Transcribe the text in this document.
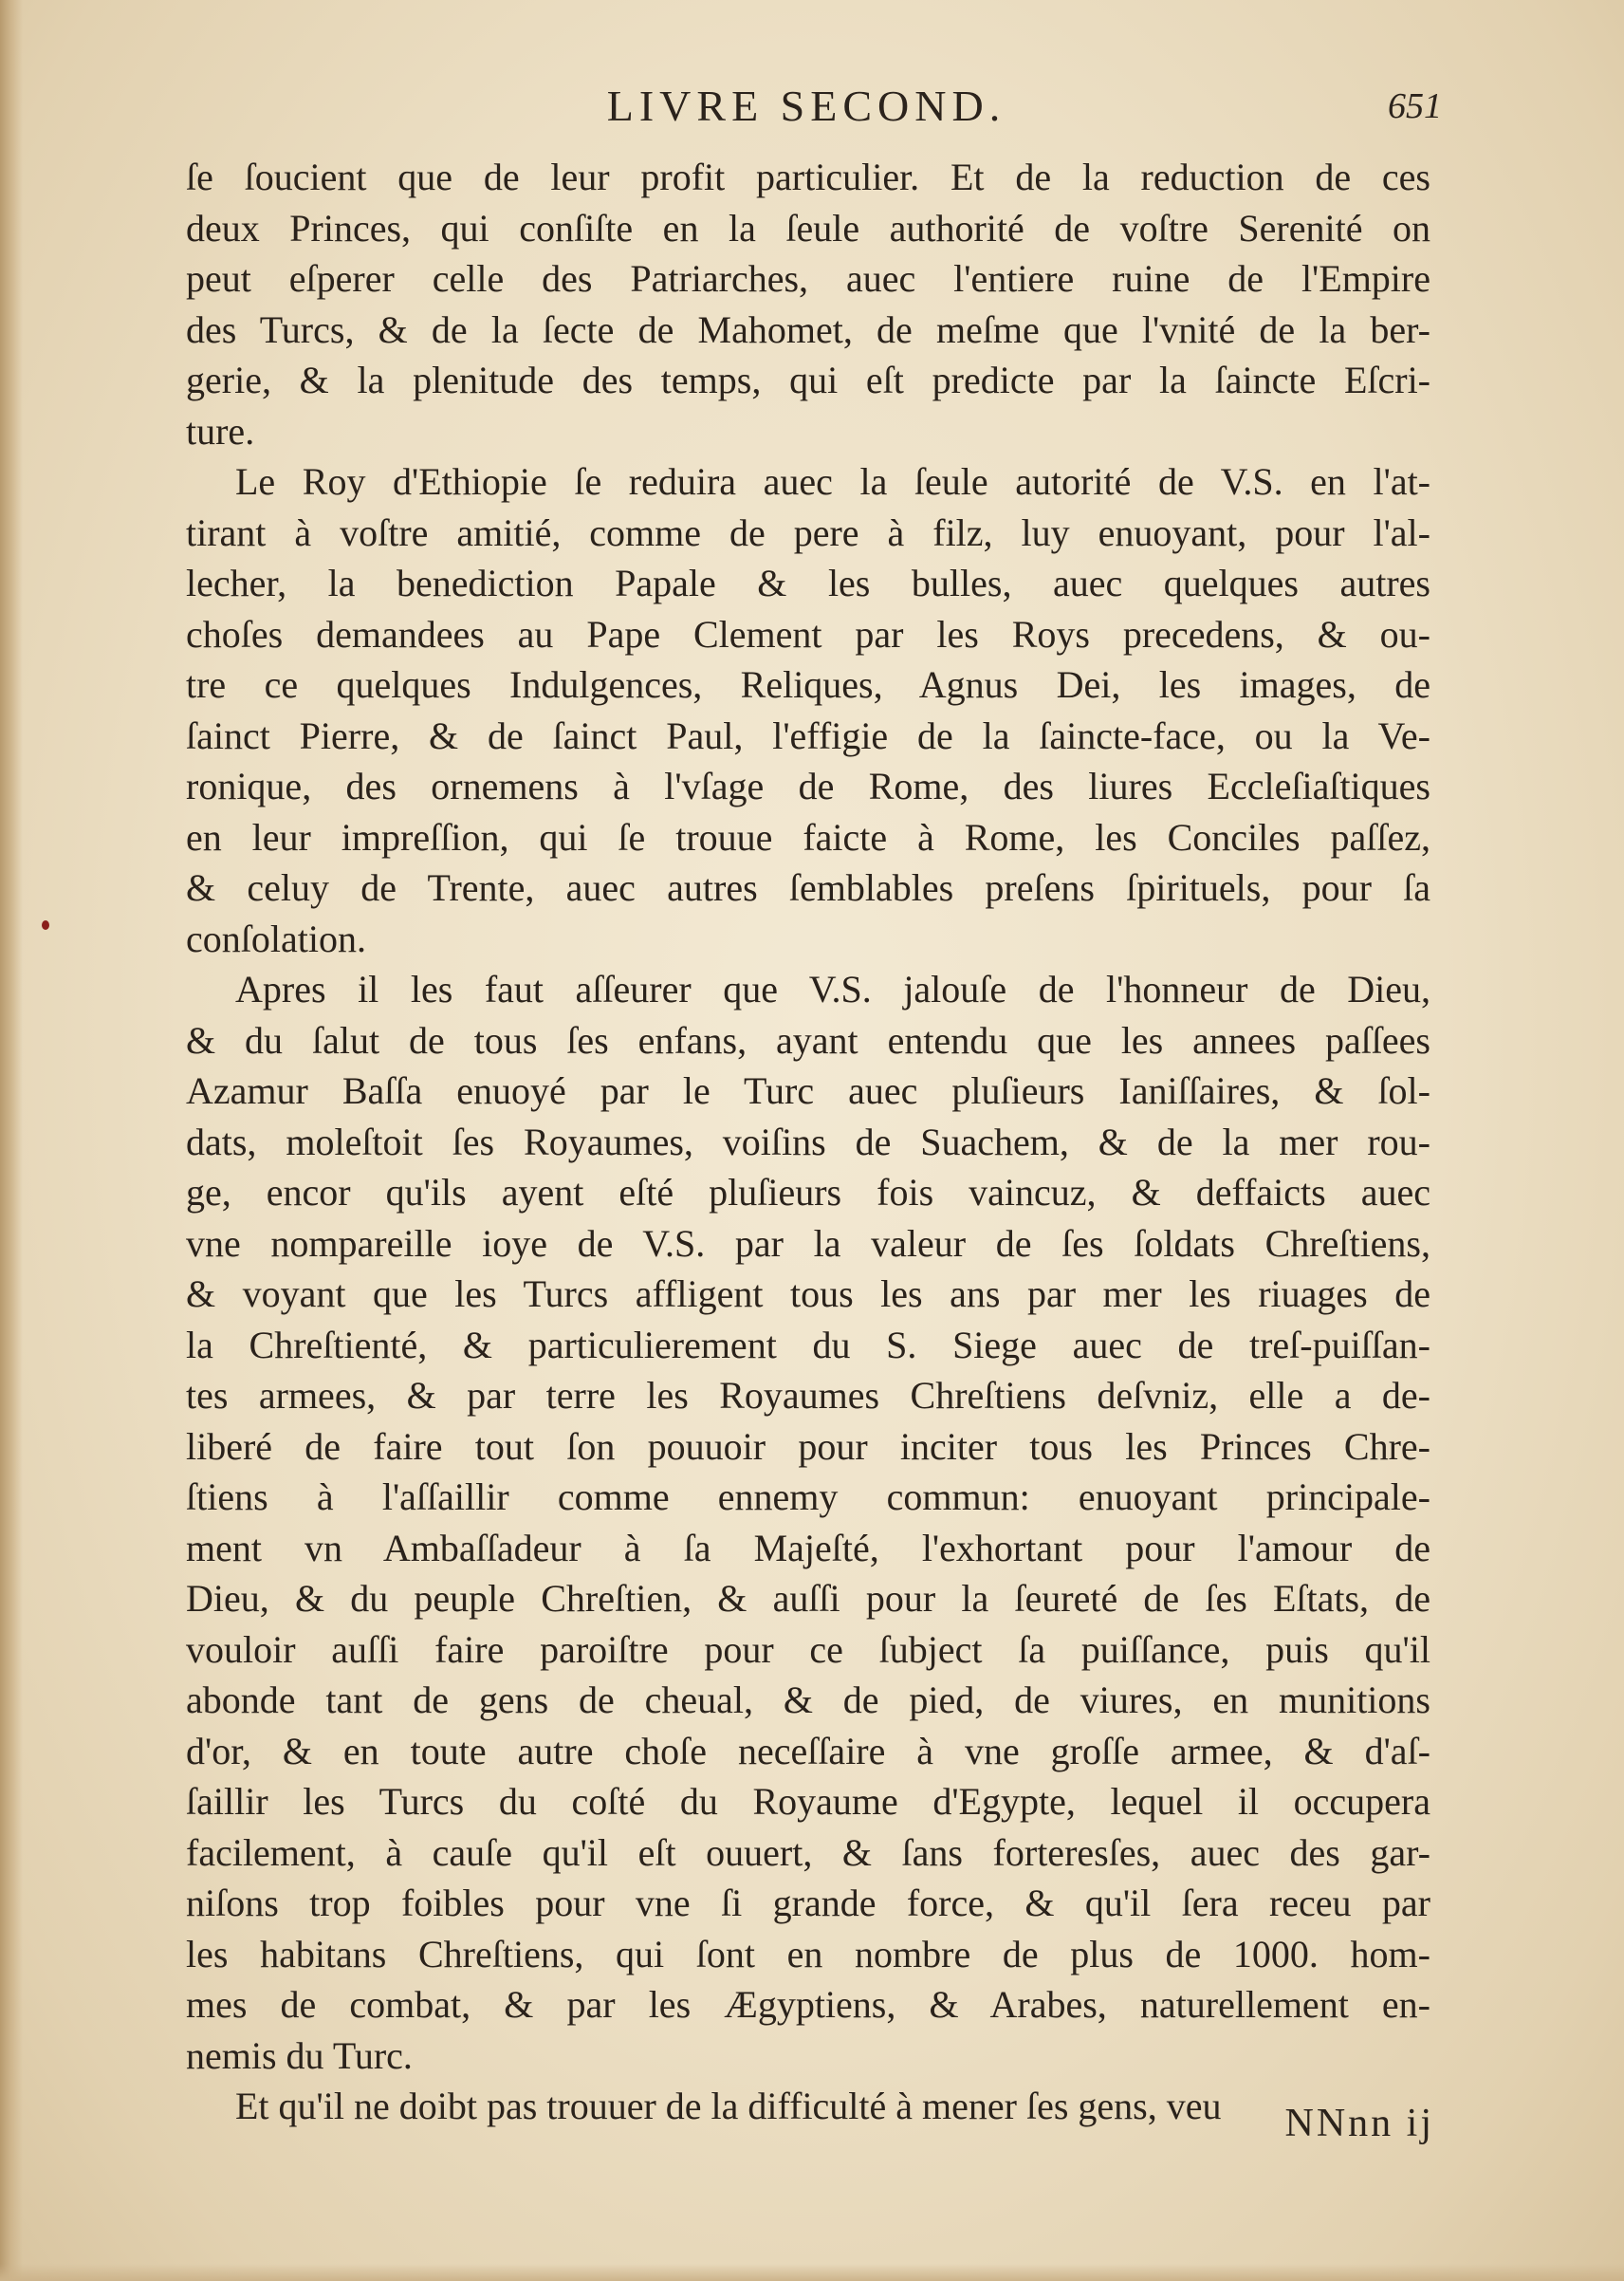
LIVRE SECOND.	651
ſe ſoucient que de leur profit particulier. Et de la reduction de ces
deux Princes, qui conſiſte en la ſeule authorité de voſtre Serenité on
peut eſperer celle des Patriarches, auec l'entiere ruine de l'Empire
des Turcs, & de la ſecte de Mahomet, de meſme que l'vnité de la ber-
gerie, & la plenitude des temps, qui eſt predicte par la ſaincte Eſcri-
ture.
Le Roy d'Ethiopie ſe reduira auec la ſeule autorité de V.S. en l'at-
tirant à voſtre amitié, comme de pere à filz, luy enuoyant, pour l'al-
lecher, la benediction Papale & les bulles, auec quelques autres
choſes demandees au Pape Clement par les Roys precedens, & ou-
tre ce quelques Indulgences, Reliques, Agnus Dei, les images, de
ſainct Pierre, & de ſainct Paul, l'effigie de la ſaincte-face, ou la Ve-
ronique, des ornemens à l'vſage de Rome, des liures Eccleſiaſtiques
en leur impreſſion, qui ſe trouue faicte à Rome, les Conciles paſſez,
& celuy de Trente, auec autres ſemblables preſens ſpirituels, pour ſa
conſolation.
Apres il les faut aſſeurer que V.S. jalouſe de l'honneur de Dieu,
& du ſalut de tous ſes enfans, ayant entendu que les annees paſſees
Azamur Baſſa enuoyé par le Turc auec pluſieurs Ianiſſaires, & ſol-
dats, moleſtoit ſes Royaumes, voiſins de Suachem, & de la mer rou-
ge, encor qu'ils ayent eſté pluſieurs fois vaincuz, & deffaicts auec
vne nompareille ioye de V.S. par la valeur de ſes ſoldats Chreſtiens,
& voyant que les Turcs affligent tous les ans par mer les riuages de
la Chreſtienté, & particulierement du S. Siege auec de treſ-puiſſan-
tes armees, & par terre les Royaumes Chreſtiens deſvniz, elle a de-
liberé de faire tout ſon pouuoir pour inciter tous les Princes Chre-
ſtiens à l'aſſaillir comme ennemy commun: enuoyant principale-
ment vn Ambaſſadeur à ſa Majeſté, l'exhortant pour l'amour de
Dieu, & du peuple Chreſtien, & auſſi pour la ſeureté de ſes Eſtats, de
vouloir auſſi faire paroiſtre pour ce ſubject ſa puiſſance, puis qu'il
abonde tant de gens de cheual, & de pied, de viures, en munitions
d'or, & en toute autre choſe neceſſaire à vne groſſe armee, & d'aſ-
ſaillir les Turcs du coſté du Royaume d'Egypte, lequel il occupera
facilement, à cauſe qu'il eſt ouuert, & ſans forteresſes, auec des gar-
niſons trop foibles pour vne ſi grande force, & qu'il ſera receu par
les habitans Chreſtiens, qui ſont en nombre de plus de 1000. hom-
mes de combat, & par les Ægyptiens, & Arabes, naturellement en-
nemis du Turc.
Et qu'il ne doibt pas trouuer de la difficulté à mener ſes gens, veu	NNnn ij
